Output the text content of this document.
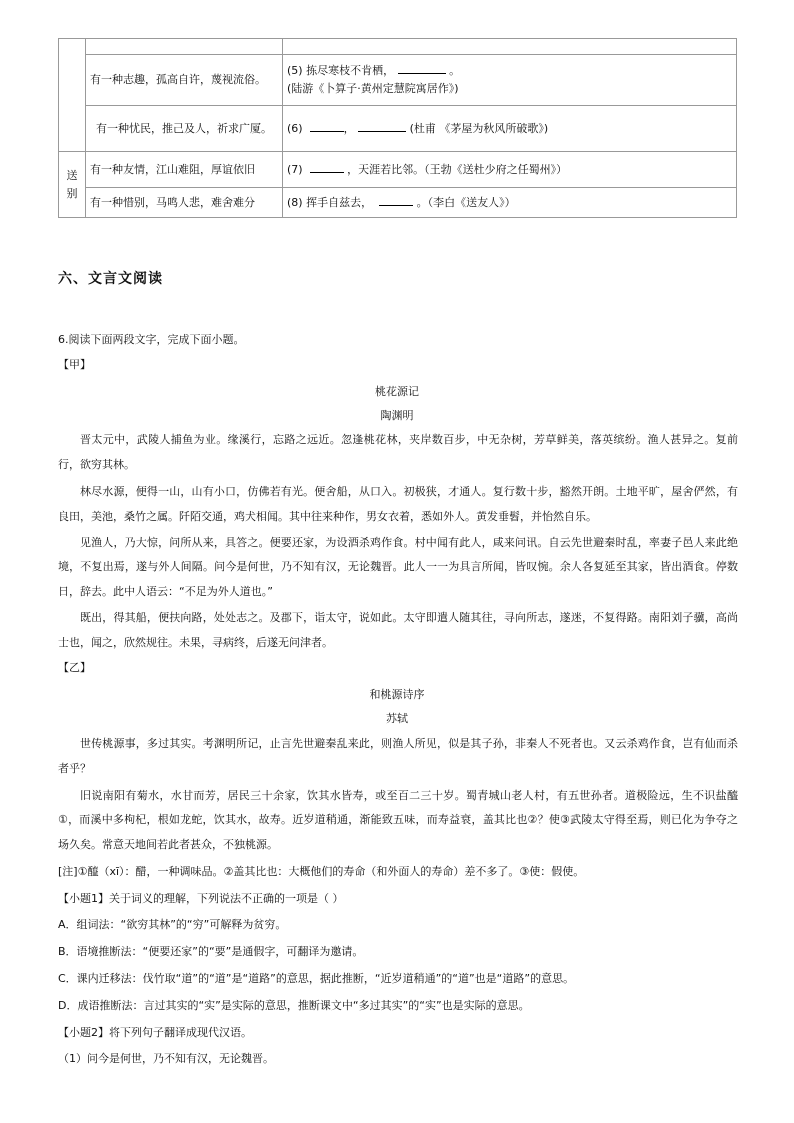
	有一种志趣，孤高自许，蔑视流俗。	(5) 拣尽寒枝不肯栖， 。
(陆游《卜算子·黄州定慧院寓居作》)

	有一种忧民，推己及人，祈求广厦。	(6) ， (杜甫 《茅屋为秋风所破歌》)
送别	有一种友情，江山难阻，厚谊依旧	(7) ，天涯若比邻。（王勃《送杜少府之任蜀州》）
	有一种惜别，马鸣人悲，难舍难分	(8) 挥手自兹去， 。（李白《送友人》）
六、文言文阅读
6.阅读下面两段文字，完成下面小题。
【甲】
桃花源记
陶渊明
晋太元中，武陵人捕鱼为业。缘溪行，忘路之远近。忽逢桃花林，夹岸数百步，中无杂树，芳草鲜美，落英缤纷。渔人甚异之。复前
行，欲穷其林。
林尽水源，便得一山，山有小口，仿佛若有光。便舍船，从口入。初极狭，才通人。复行数十步，豁然开朗。土地平旷，屋舍俨然，有
良田，美池，桑竹之属。阡陌交通，鸡犬相闻。其中往来种作，男女衣着，悉如外人。黄发垂髫，并怡然自乐。
见渔人，乃大惊，问所从来，具答之。便要还家，为设酒杀鸡作食。村中闻有此人，咸来问讯。自云先世避秦时乱，率妻子邑人来此绝
境，不复出焉，遂与外人间隔。问今是何世，乃不知有汉，无论魏晋。此人一一为具言所闻，皆叹惋。余人各复延至其家，皆出酒食。停数
日，辞去。此中人语云：“不足为外人道也。”
既出，得其船，便扶向路，处处志之。及郡下，诣太守，说如此。太守即遣人随其往，寻向所志，遂迷，不复得路。南阳刘子骥，高尚
士也，闻之，欣然规往。未果，寻病终，后遂无问津者。
【乙】
和桃源诗序
苏轼
世传桃源事，多过其实。考渊明所记，止言先世避秦乱来此，则渔人所见，似是其子孙，非秦人不死者也。又云杀鸡作食，岂有仙而杀
者乎？
旧说南阳有菊水，水甘而芳，居民三十余家，饮其水皆寿，或至百二三十岁。蜀青城山老人村，有五世孙者。道极险远，生不识盐醯
①，而溪中多枸杞，根如龙蛇，饮其水，故寿。近岁道稍通，渐能致五味，而寿益衰，盖其比也②？使③武陵太守得至焉，则已化为争夺之
场久矣。常意天地间若此者甚众，不独桃源。
[注]①醯（xī）：醋，一种调味品。②盖其比也：大概他们的寿命（和外面人的寿命）差不多了。③使：假使。
【小题1】关于词义的理解，下列说法不正确的一项是（ ）
A．组词法：“欲穷其林”的“穷”可解释为贫穷。
B．语境推断法：“便要还家”的“要”是通假字，可翻译为邀请。
C．课内迁移法：伐竹取“道”的“道”是“道路”的意思，据此推断，“近岁道稍通”的“道”也是“道路”的意思。
D．成语推断法：言过其实的“实”是实际的意思，推断课文中“多过其实”的“实”也是实际的意思。
【小题2】将下列句子翻译成现代汉语。
（1）问今是何世，乃不知有汉，无论魏晋。
